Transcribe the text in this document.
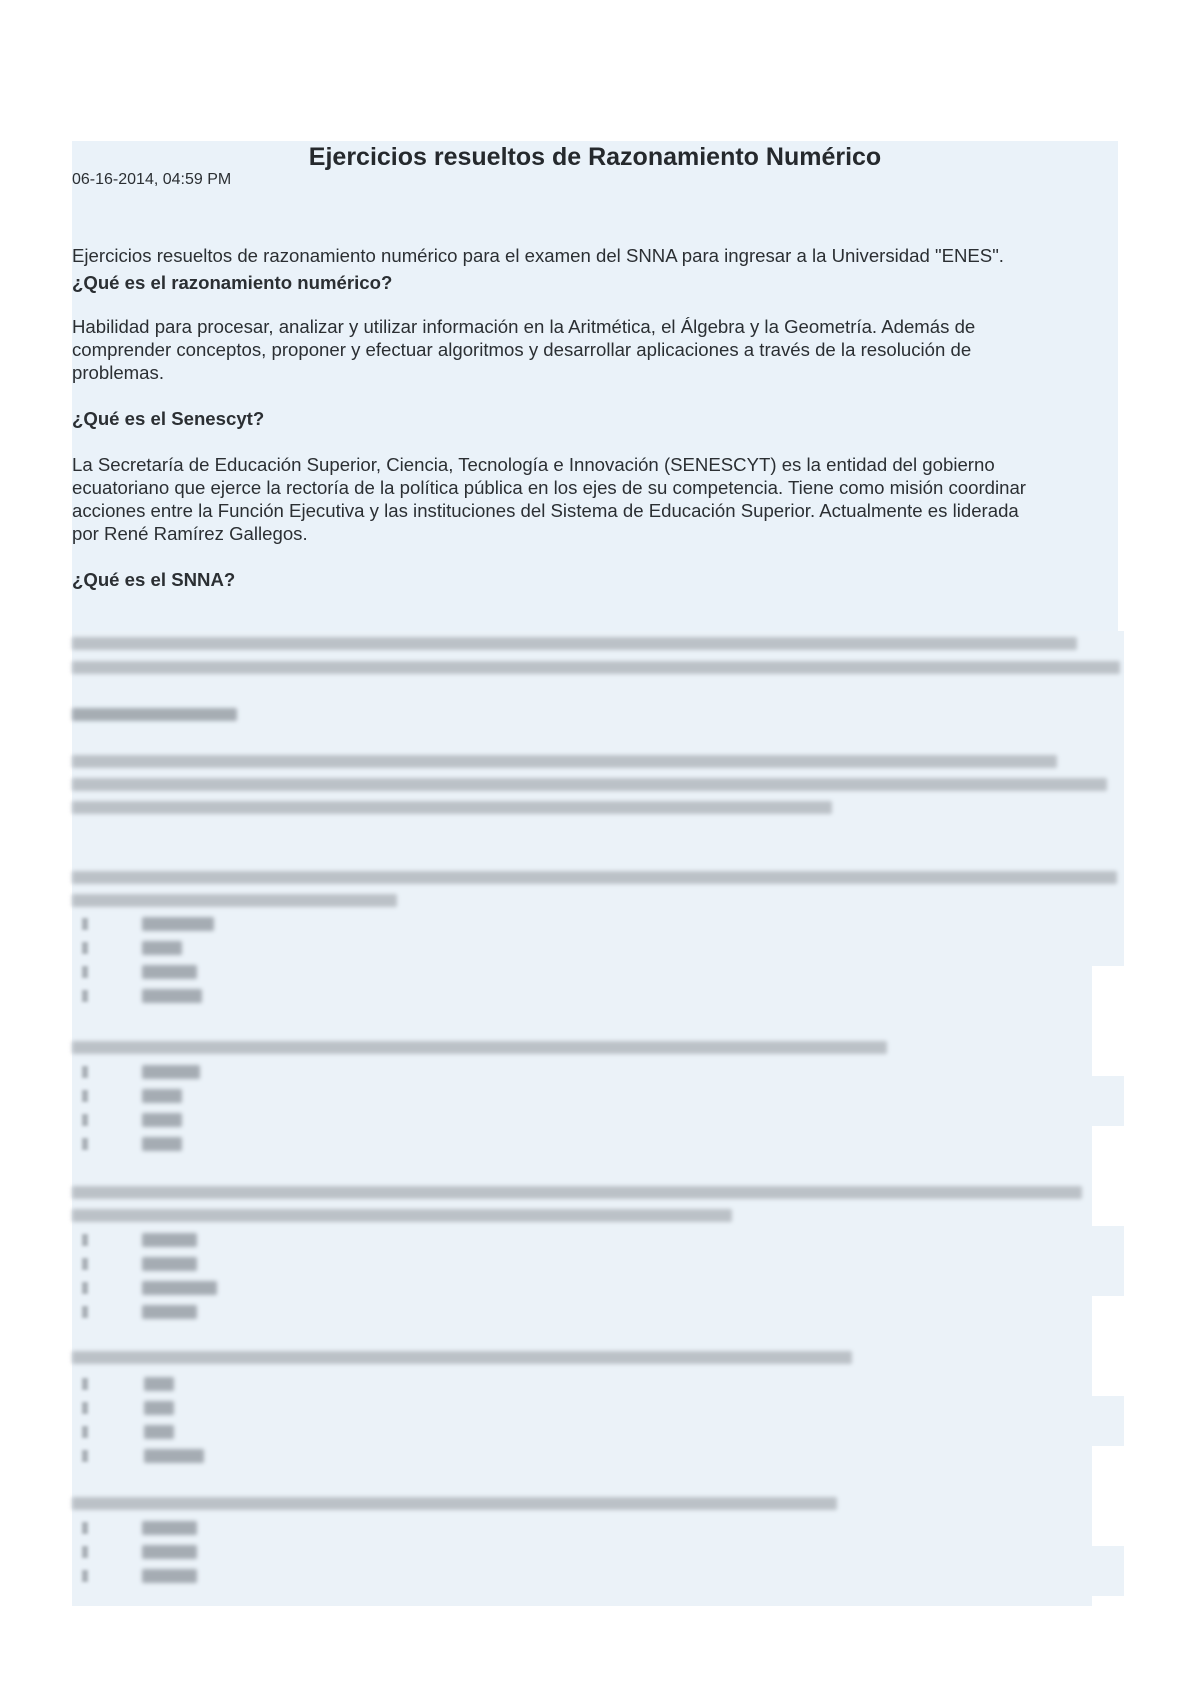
Ejercicios resueltos de Razonamiento Numérico
06-16-2014, 04:59 PM
Ejercicios resueltos de razonamiento numérico para el examen del SNNA para ingresar a la Universidad "ENES".
¿Qué es el razonamiento numérico?
Habilidad para procesar, analizar y utilizar información en la Aritmética, el Álgebra y la Geometría. Además de
comprender conceptos, proponer y efectuar algoritmos y desarrollar aplicaciones a través de la resolución de
problemas.
¿Qué es el Senescyt?
La Secretaría de Educación Superior, Ciencia, Tecnología e Innovación (SENESCYT) es la entidad del gobierno
ecuatoriano que ejerce la rectoría de la política pública en los ejes de su competencia. Tiene como misión coordinar
acciones entre la Función Ejecutiva y las instituciones del Sistema de Educación Superior. Actualmente es liderada
por René Ramírez Gallegos.
¿Qué es el SNNA?
